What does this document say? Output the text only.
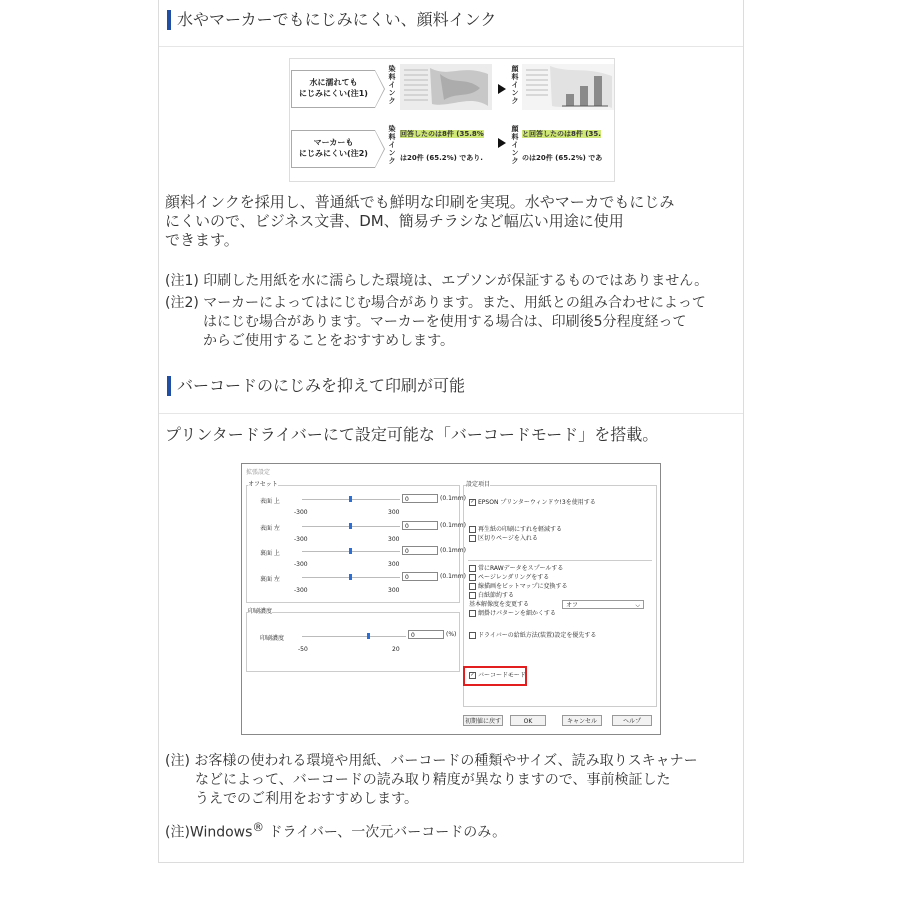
水やマーカーでもにじみにくい、顔料インク
水に濡れても
にじみにくい(注1)
染料インク
顔料インク
マーカーも
にじみにくい(注2)
染料インク
回答したのは8件 (35.8%
は20件 (65.2%) であり.
顔料インク
と回答したのは8件 (35.
のは20件 (65.2%) であ
顔料インクを採用し、普通紙でも鮮明な印刷を実現。水やマーカでもにじみ
にくいので、ビジネス文書、DM、簡易チラシなど幅広い用途に使用
できます。
(注1) 印刷した用紙を水に濡らした環境は、エプソンが保証するものではありません。
(注2) マーカーによってはにじむ場合があります。また、用紙との組み合わせによって
はにじむ場合があります。マーカーを使用する場合は、印刷後5分程度経って
からご使用することをおすすめします。
バーコードのにじみを抑えて印刷が可能
プリンタードライバーにて設定可能な「バーコードモード」を搭載。
拡張設定
オフセット
表面 上
-300	300
0	(0.1mm)
表面 左
-300	300
0	(0.1mm)
裏面 上
-300	300
0	(0.1mm)
裏面 左
-300	300
0	(0.1mm)
印刷濃度
印刷濃度
-50	20
0	(%)
設定項目
✓ EPSON プリンターウィンドウ!3を使用する
再生紙の印刷にすれを軽減する
区切りページを入れる
常にRAWデータをスプールする
ページレンダリングをする
線描画をビットマップに変換する
白紙節約する
基本解像度を変更する	オフ	⌵
網掛けパターンを細かくする
ドライバーの給紙方法(装置)設定を優先する
✓ バーコードモード
初期値に戻す	OK	キャンセル	ヘルプ
(注) お客様の使われる環境や用紙、バーコードの種類やサイズ、読み取りスキャナー
などによって、バーコードの読み取り精度が異なりますので、事前検証した
うえでのご利用をおすすめします。
(注)Windows® ドライバー、一次元バーコードのみ。
